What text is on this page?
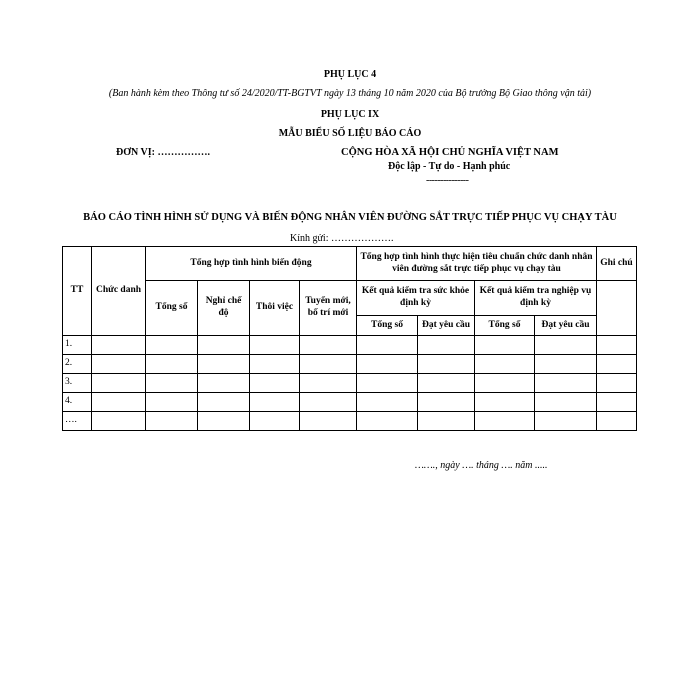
PHỤ LỤC 4
(Ban hành kèm theo Thông tư số 24/2020/TT-BGTVT ngày 13 tháng 10 năm 2020 của Bộ trưởng Bộ Giao thông vận tải)
PHỤ LỤC IX
MẪU BIỂU SỐ LIỆU BÁO CÁO
ĐƠN VỊ: …………….	CỘNG HÒA XÃ HỘI CHỦ NGHĨA VIỆT NAM
Độc lập - Tự do - Hạnh phúc
---------------
BÁO CÁO TÌNH HÌNH SỬ DỤNG VÀ BIẾN ĐỘNG NHÂN VIÊN ĐƯỜNG SẮT TRỰC TIẾP PHỤC VỤ CHẠY TÀU
Kính gửi: ……………….
TT	Chức danh	Tổng hợp tình hình biến động				Tổng hợp tình hình thực hiện tiêu chuẩn chức danh nhân viên đường sắt trực tiếp phục vụ chạy tàu				Ghi chú
		Tổng số	Nghỉ chế độ	Thôi việc	Tuyển mới, bố trí mới	Kết quả kiểm tra sức khỏe định kỳ		Kết quả kiểm tra nghiệp vụ định kỳ		
						Tổng số	Đạt yêu cầu	Tổng số	Đạt yêu cầu	
1.										
2.										
3.										
4.										
….										
……., ngày …. tháng …. năm .....
